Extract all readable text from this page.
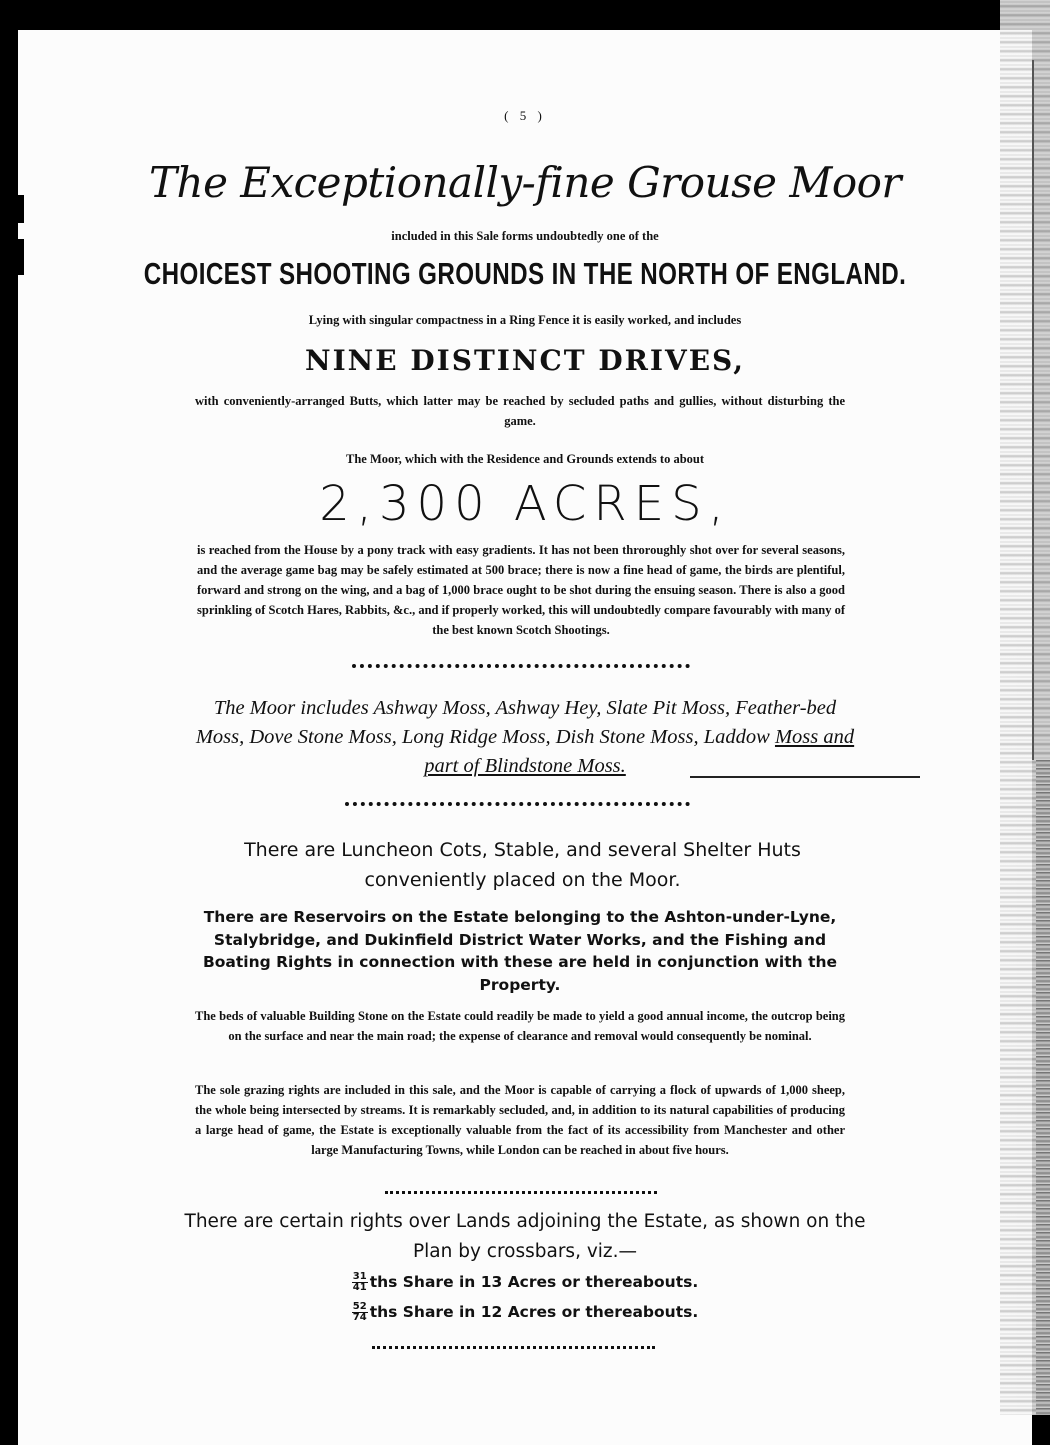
( 5 )
The Exceptionally-fine Grouse Moor
included in this Sale forms undoubtedly one of the
CHOICEST SHOOTING GROUNDS IN THE NORTH OF ENGLAND.
Lying with singular compactness in a Ring Fence it is easily worked, and includes
NINE DISTINCT DRIVES,
with conveniently-arranged Butts, which latter may be reached by secluded paths and gullies, without disturbing the game.
The Moor, which with the Residence and Grounds extends to about
2,300 ACRES,
is reached from the House by a pony track with easy gradients. It has not been throroughly shot over for several seasons, and the average game bag may be safely estimated at 500 brace; there is now a fine head of game, the birds are plentiful, forward and strong on the wing, and a bag of 1,000 brace ought to be shot during the ensuing season. There is also a good sprinkling of Scotch Hares, Rabbits, &c., and if properly worked, this will undoubtedly compare favourably with many of the best known Scotch Shootings.
The Moor includes Ashway Moss, Ashway Hey, Slate Pit Moss, Feather-bed Moss, Dove Stone Moss, Long Ridge Moss, Dish Stone Moss, Laddow Moss and part of Blindstone Moss.
There are Luncheon Cots, Stable, and several Shelter Huts conveniently placed on the Moor.
There are Reservoirs on the Estate belonging to the Ashton-under-Lyne, Stalybridge, and Dukinfield District Water Works, and the Fishing and Boating Rights in connection with these are held in conjunction with the Property.
The beds of valuable Building Stone on the Estate could readily be made to yield a good annual income, the outcrop being on the surface and near the main road; the expense of clearance and removal would consequently be nominal.
The sole grazing rights are included in this sale, and the Moor is capable of carrying a flock of upwards of 1,000 sheep, the whole being intersected by streams. It is remarkably secluded, and, in addition to its natural capabilities of producing a large head of game, the Estate is exceptionally valuable from the fact of its accessibility from Manchester and other large Manufacturing Towns, while London can be reached in about five hours.
There are certain rights over Lands adjoining the Estate, as shown on the Plan by crossbars, viz.—
$\frac{31}{41}$ ths Share in 13 Acres or thereabouts.
$\frac{52}{74}$ ths Share in 12 Acres or thereabouts.
